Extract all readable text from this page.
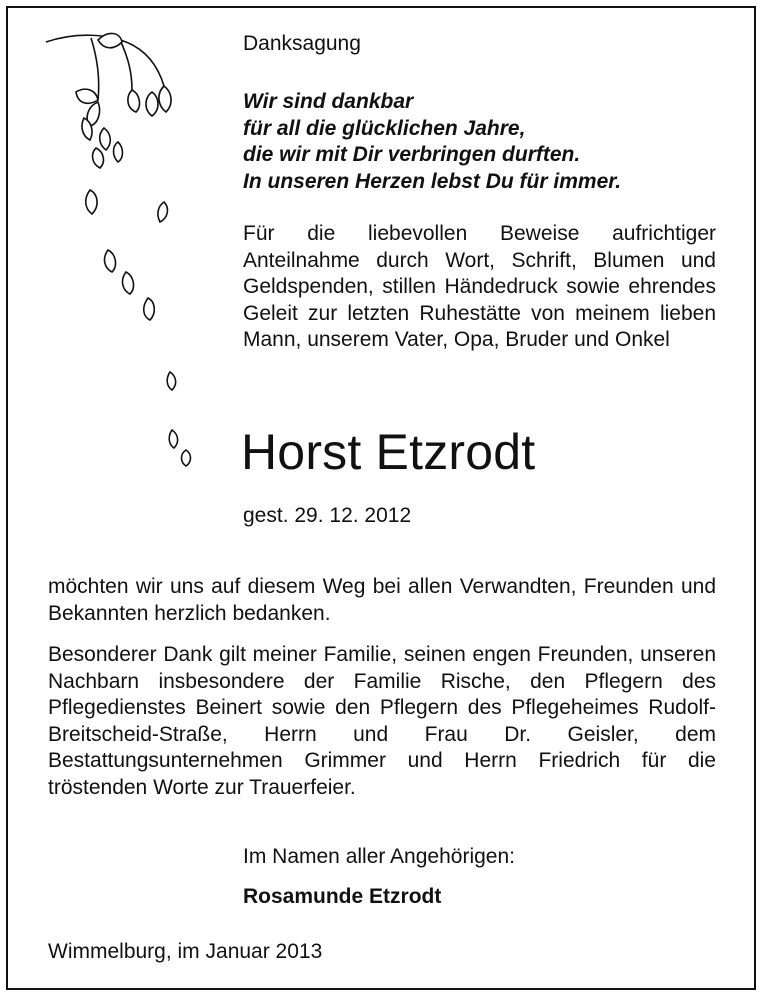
Danksagung

Wir sind dankbar
für all die glücklichen Jahre,
die wir mit Dir verbringen durften.
In unseren Herzen lebst Du für immer.

Für die liebevollen Beweise aufrichtiger Anteilnahme durch Wort, Schrift, Blumen und Geldspenden, stillen Händedruck sowie ehrendes Geleit zur letzten Ruhestätte von meinem lieben Mann, unserem Vater, Opa, Bruder und Onkel

Horst Etzrodt

gest. 29. 12. 2012

möchten wir uns auf diesem Weg bei allen Verwandten, Freunden und Bekannten herzlich bedanken.

Besonderer Dank gilt meiner Familie, seinen engen Freunden, unseren Nachbarn insbesondere der Familie Rische, den Pflegern des Pflegedienstes Beinert sowie den Pflegern des Pflegeheimes Rudolf-Breitscheid-Straße, Herrn und Frau Dr. Geisler, dem Bestattungsunternehmen Grimmer und Herrn Friedrich für die tröstenden Worte zur Trauerfeier.

Im Namen aller Angehörigen:

Rosamunde Etzrodt

Wimmelburg, im Januar 2013
